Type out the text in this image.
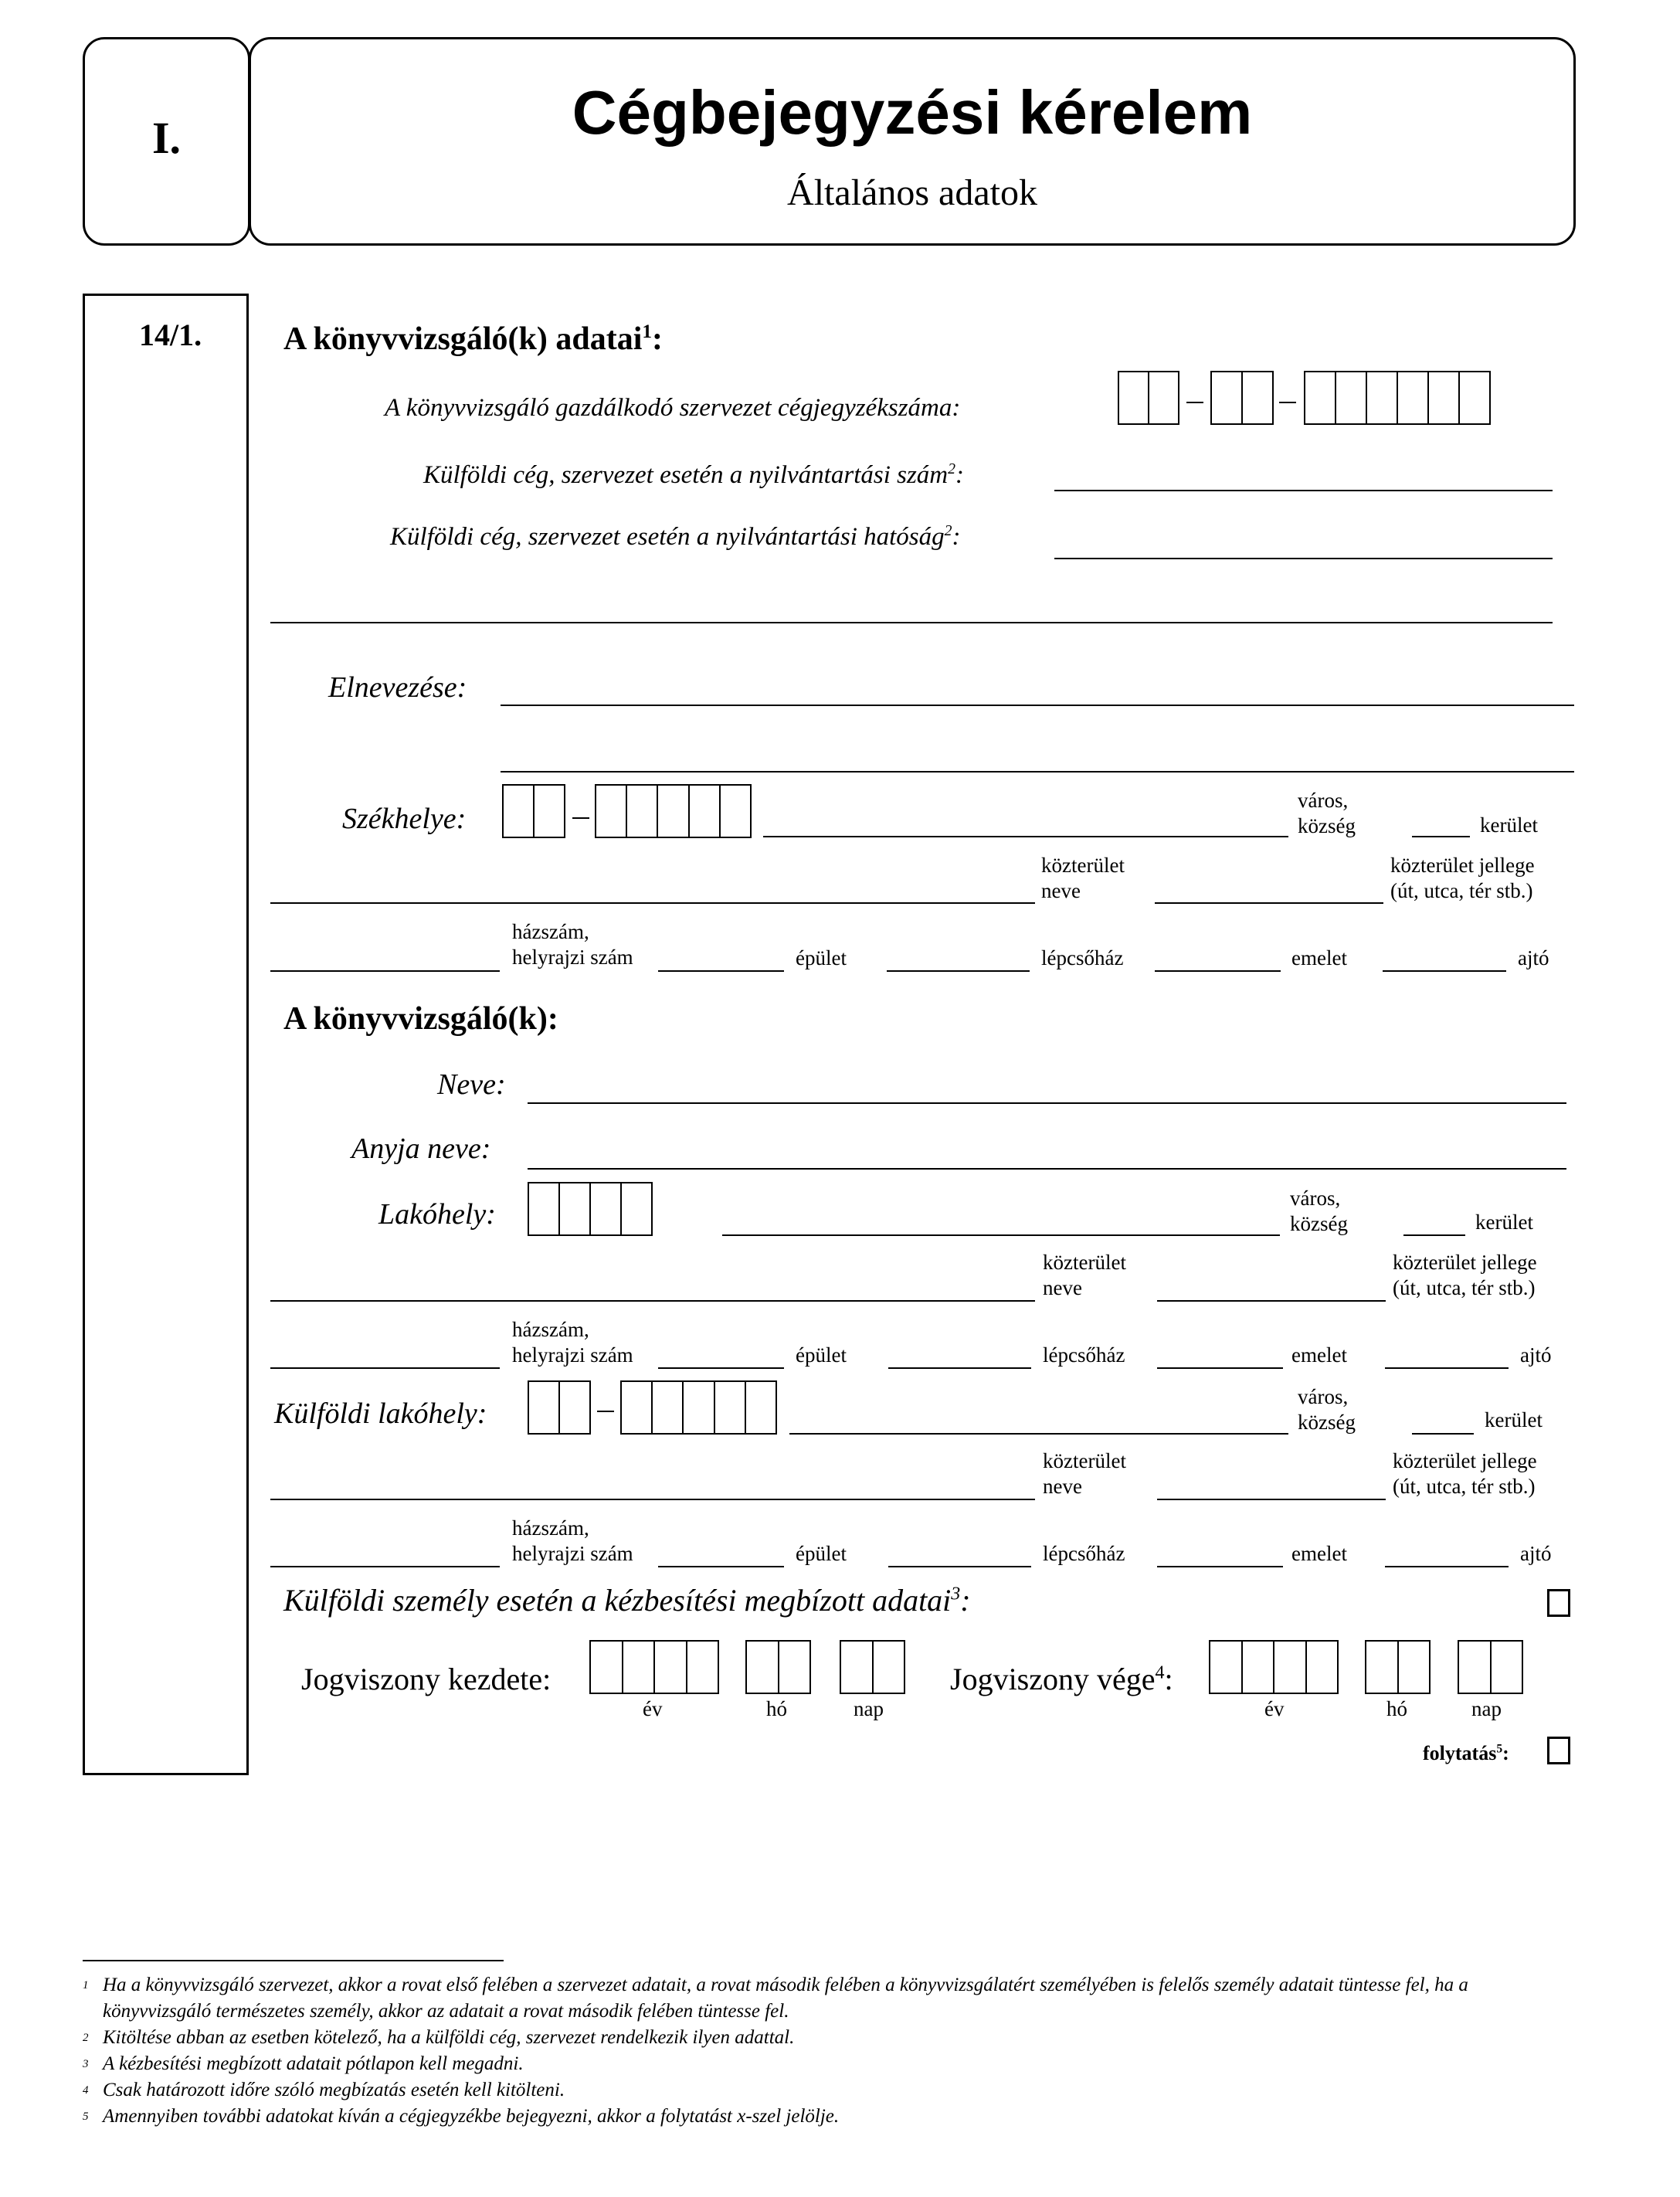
I.	Cégbejegyzési kérelem
Általános adatok
14/1.	A könyvvizsgáló(k) adatai$^1$:
A könyvvizsgáló gazdálkodó szervezet cégjegyzékszáma:
Külföldi cég, szervezet esetén a nyilvántartási szám$^2$:
Külföldi cég, szervezet esetén a nyilvántartási hatóság$^2$:
Elnevezése:
Székhelye:
város,
község	kerület
közterület
neve
közterület jellege
(út, utca, tér stb.)
házszám,
helyrajzi szám	épület	lépcsőház	emelet	ajtó
A könyvvizsgáló(k):
Neve:
Anyja neve:
Lakóhely:	város,
község	kerület
közterület
neve
közterület jellege
(út, utca, tér stb.)
házszám,
helyrajzi szám	épület	lépcsőház	emelet	ajtó
Külföldi lakóhely:
város,
község	kerület
közterület
neve
közterület jellege
(út, utca, tér stb.)
házszám,
helyrajzi szám	épület	lépcsőház	emelet	ajtó
Külföldi személy esetén a kézbesítési megbízott adatai$^3$:
Jogviszony kezdete:
év	hó	nap
Jogviszony vége$^4$:
év	hó	nap
folytatás$^5$:
1 Ha a könyvvizsgáló szervezet, akkor a rovat első felében a szervezet adatait, a rovat második felében a könyvvizsgálatért személyében is felelős személy adatait tüntesse fel, ha a könyvvizsgáló természetes személy, akkor az adatait a rovat második felében tüntesse fel.
2 Kitöltése abban az esetben kötelező, ha a külföldi cég, szervezet rendelkezik ilyen adattal.
3 A kézbesítési megbízott adatait pótlapon kell megadni.
4 Csak határozott időre szóló megbízatás esetén kell kitölteni.
5 Amennyiben további adatokat kíván a cégjegyzékbe bejegyezni, akkor a folytatást x-szel jelölje.
